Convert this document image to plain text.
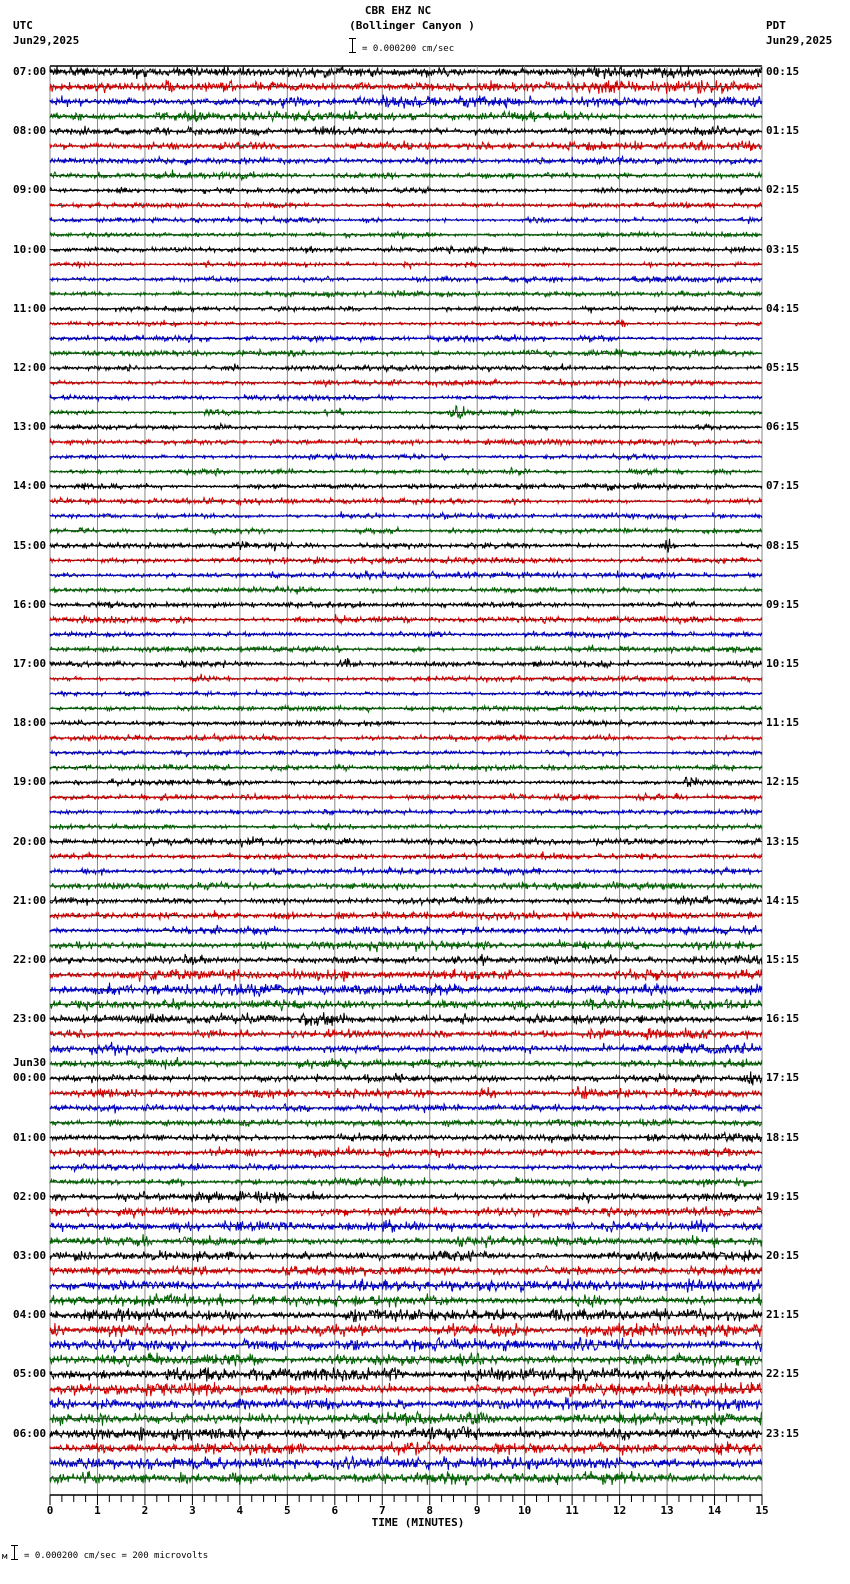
CBR EHZ NC
(Bollinger Canyon )
UTC
Jun29,2025
PDT
Jun29,2025
= 0.000200 cm/sec
07:00
08:00
09:00
10:00
11:00
12:00
13:00
14:00
15:00
16:00
17:00
18:00
19:00
20:00
21:00
22:00
23:00
Jun30
00:00
01:00
02:00
03:00
04:00
05:00
06:00
00:15
01:15
02:15
03:15
04:15
05:15
06:15
07:15
08:15
09:15
10:15
11:15
12:15
13:15
14:15
15:15
16:15
17:15
18:15
19:15
20:15
21:15
22:15
23:15
0	1	2	3	4	5	6	7	8	9	10	11	12	13	14	15
TIME (MINUTES)
м = 0.000200 cm/sec = 200 microvolts
